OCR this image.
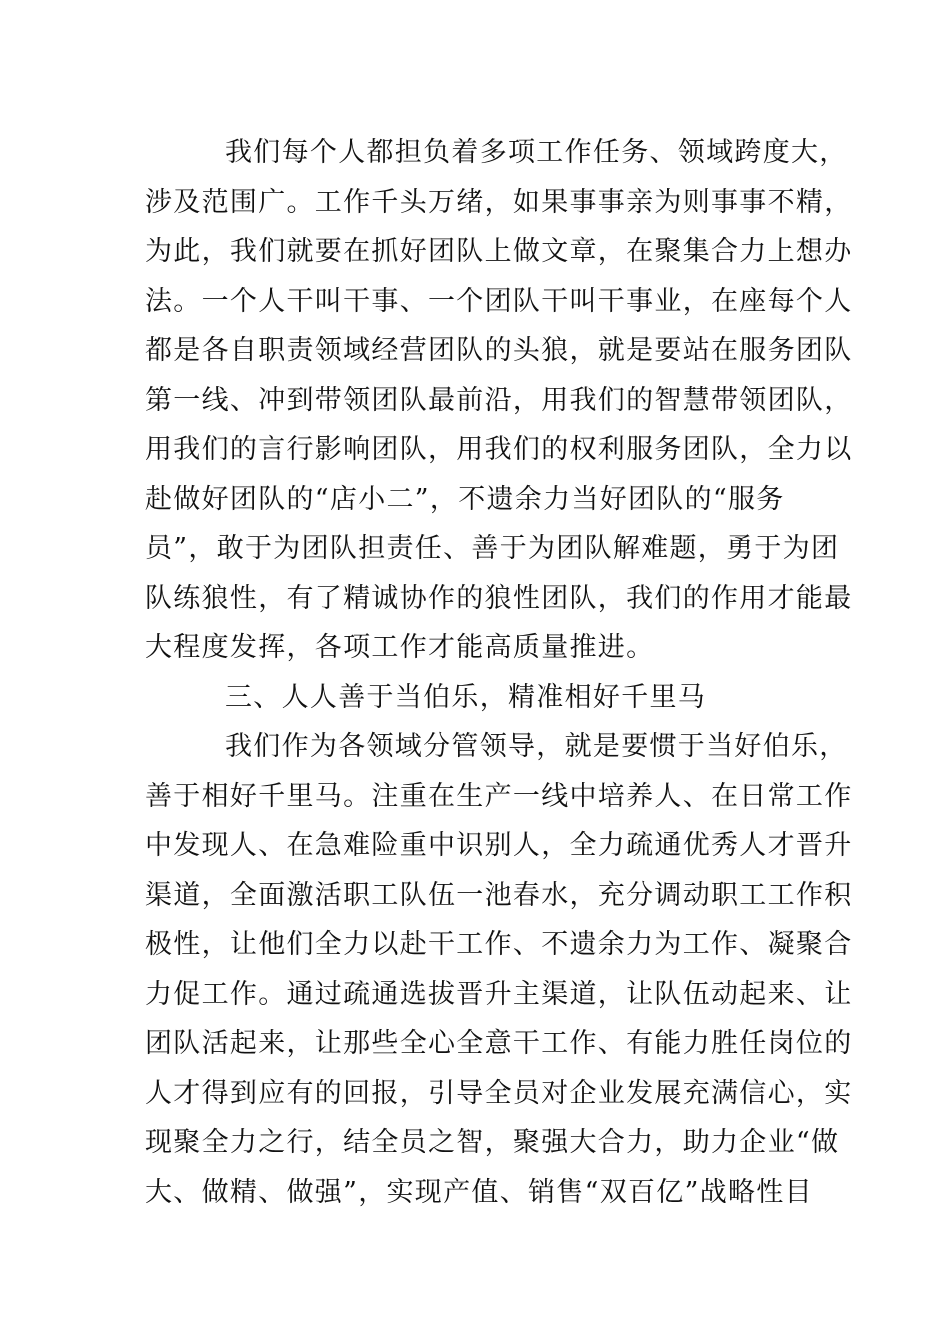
我们每个人都担负着多项工作任务、领域跨度大，
涉及范围广。工作千头万绪，如果事事亲为则事事不精，
为此，我们就要在抓好团队上做文章，在聚集合力上想办
法。一个人干叫干事、一个团队干叫干事业，在座每个人
都是各自职责领域经营团队的头狼，就是要站在服务团队
第一线、冲到带领团队最前沿，用我们的智慧带领团队，
用我们的言行影响团队，用我们的权利服务团队，全力以
赴做好团队的“店小二”，不遗余力当好团队的“服务
员”，敢于为团队担责任、善于为团队解难题，勇于为团
队练狼性，有了精诚协作的狼性团队，我们的作用才能最
大程度发挥，各项工作才能高质量推进。
三、人人善于当伯乐，精准相好千里马
我们作为各领域分管领导，就是要惯于当好伯乐，
善于相好千里马。注重在生产一线中培养人、在日常工作
中发现人、在急难险重中识别人，全力疏通优秀人才晋升
渠道，全面激活职工队伍一池春水，充分调动职工工作积
极性，让他们全力以赴干工作、不遗余力为工作、凝聚合
力促工作。通过疏通选拔晋升主渠道，让队伍动起来、让
团队活起来，让那些全心全意干工作、有能力胜任岗位的
人才得到应有的回报，引导全员对企业发展充满信心，实
现聚全力之行，结全员之智，聚强大合力，助力企业“做
大、做精、做强”，实现产值、销售“双百亿”战略性目
